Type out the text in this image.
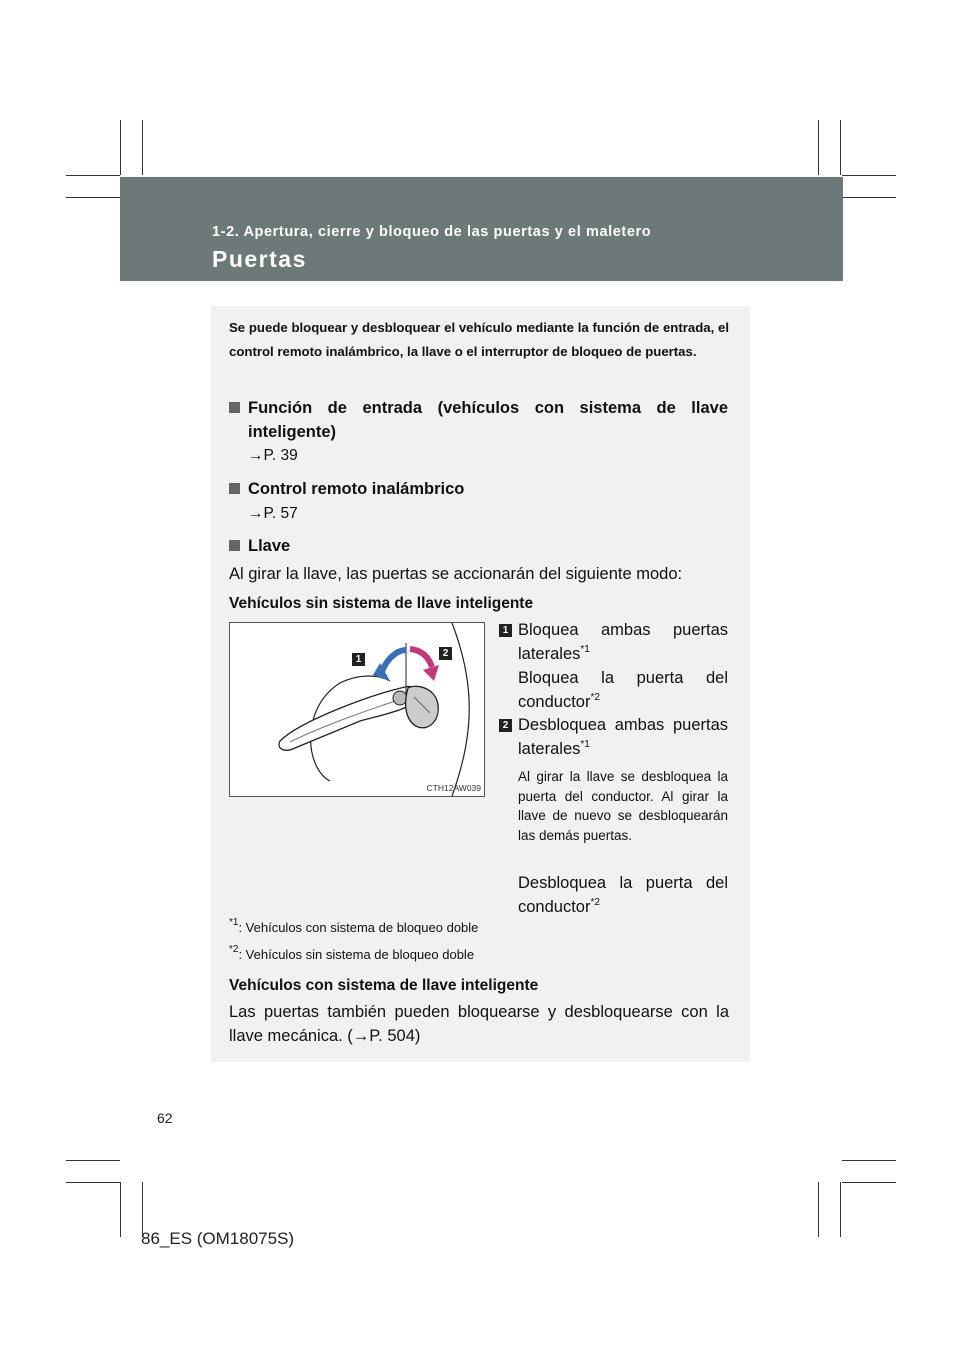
1-2. Apertura, cierre y bloqueo de las puertas y el maletero
Puertas
Se puede bloquear y desbloquear el vehículo mediante la función de entrada, el control remoto inalámbrico, la llave o el interruptor de bloqueo de puertas.
Función de entrada (vehículos con sistema de llave inteligente)
→P. 39
Control remoto inalámbrico
→P. 57
Llave
Al girar la llave, las puertas se accionarán del siguiente modo:
Vehículos sin sistema de llave inteligente
1
2
CTH12AW039
1 Bloquea ambas puertas laterales$^{*1}$
Bloquea la puerta del conductor$^{*2}$
2 Desbloquea ambas puertas laterales$^{*1}$
Al girar la llave se desbloquea la puerta del conductor. Al girar la llave de nuevo se desbloquearán las demás puertas.
Desbloquea la puerta del conductor$^{*2}$
$^{*1}$: Vehículos con sistema de bloqueo doble
$^{*2}$: Vehículos sin sistema de bloqueo doble
Vehículos con sistema de llave inteligente
Las puertas también pueden bloquearse y desbloquearse con la llave mecánica. (→P. 504)
62
86_ES (OM18075S)
